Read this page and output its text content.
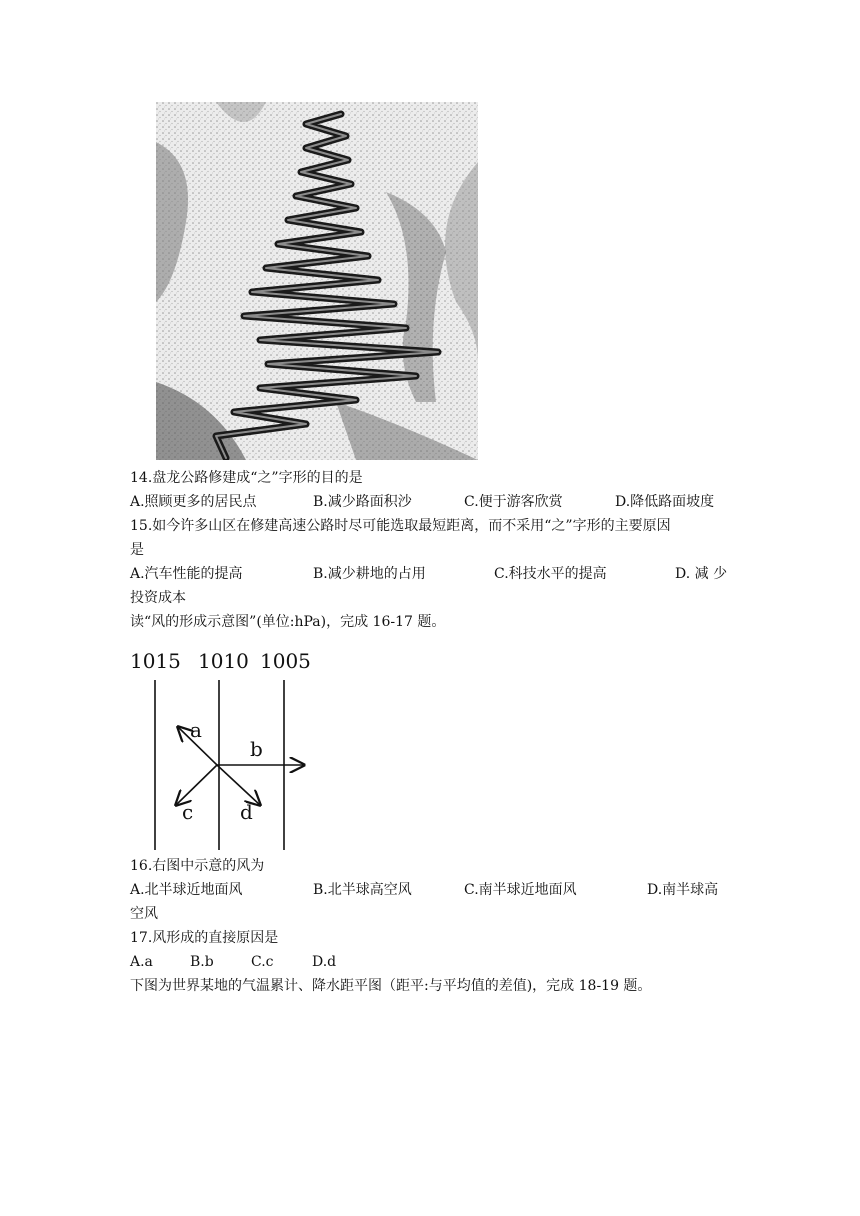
14.盘龙公路修建成“之”字形的目的是
A.照顾更多的居民点	B.减少路面积沙	C.便于游客欣赏	D.降低路面坡度
15.如今许多山区在修建高速公路时尽可能选取最短距离，而不采用“之”字形的主要原因
是
A.汽车性能的提高	B.减少耕地的占用	C.科技水平的提高	D. 减 少
投资成本
读“风的形成示意图”(单位:hPa)，完成 16-17 题。
1015 1010 1005
a
b
c d
16.右图中示意的风为
A.北半球近地面风	B.北半球高空风	C.南半球近地面风	D.南半球高
空风
17.风形成的直接原因是
A.a	B.b	C.c	D.d
下图为世界某地的气温累计、降水距平图（距平:与平均值的差值)，完成 18-19 题。
